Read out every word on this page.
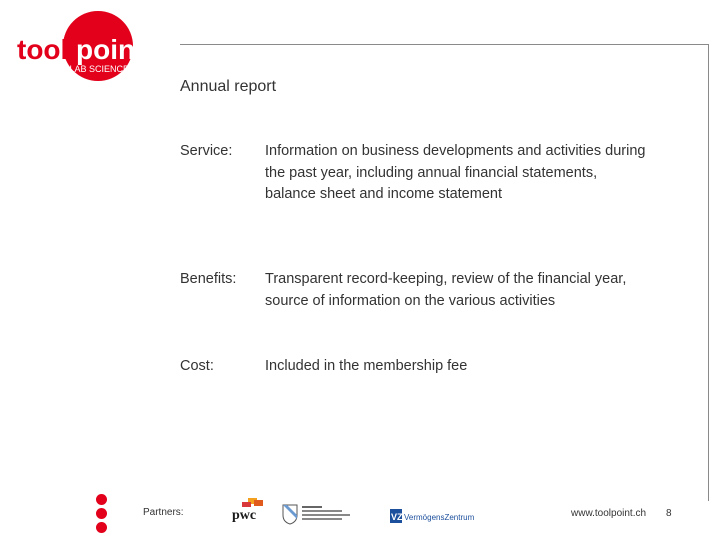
tool point
FOR LAB SCIENCE
Annual report
Service:	Information on business developments and activities during the past year, including annual financial statements, balance sheet and income statement
Benefits:	Transparent record-keeping, review of the financial year, source of information on the various activities
Cost:	Included in the membership fee
Partners:	pwc	VZ VermögensZentrum	www.toolpoint.ch 8
